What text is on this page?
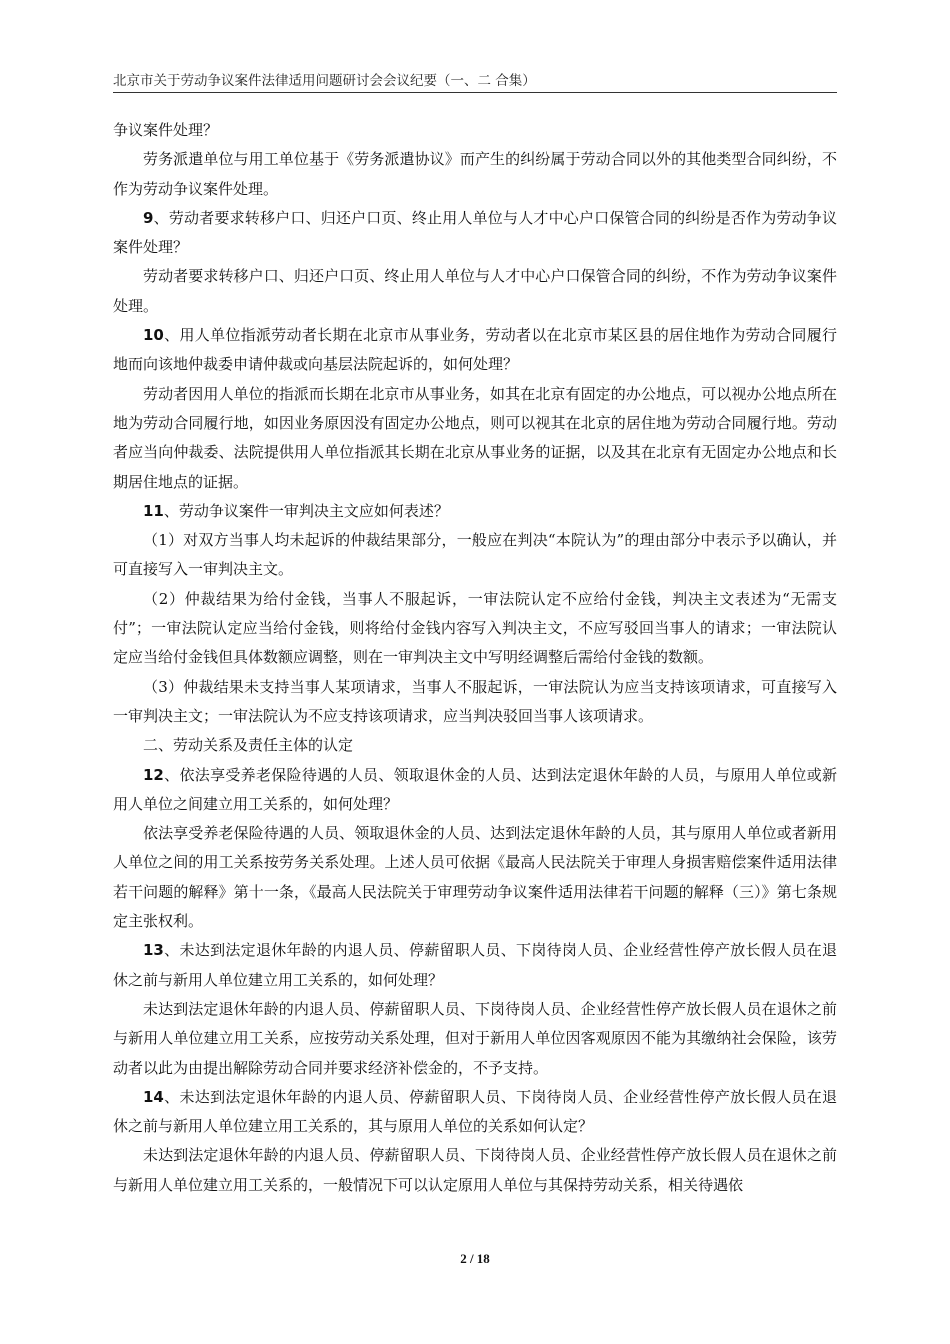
北京市关于劳动争议案件法律适用问题研讨会会议纪要（一、二 合集）

争议案件处理？

劳务派遣单位与用工单位基于《劳务派遣协议》而产生的纠纷属于劳动合同以外的其他类型合同纠纷，不作为劳动争议案件处理。

9、劳动者要求转移户口、归还户口页、终止用人单位与人才中心户口保管合同的纠纷是否作为劳动争议案件处理？

劳动者要求转移户口、归还户口页、终止用人单位与人才中心户口保管合同的纠纷，不作为劳动争议案件处理。

10、用人单位指派劳动者长期在北京市从事业务，劳动者以在北京市某区县的居住地作为劳动合同履行地而向该地仲裁委申请仲裁或向基层法院起诉的，如何处理？

劳动者因用人单位的指派而长期在北京市从事业务，如其在北京有固定的办公地点，可以视办公地点所在地为劳动合同履行地，如因业务原因没有固定办公地点，则可以视其在北京的居住地为劳动合同履行地。劳动者应当向仲裁委、法院提供用人单位指派其长期在北京从事业务的证据，以及其在北京有无固定办公地点和长期居住地点的证据。

11、劳动争议案件一审判决主文应如何表述？

（1）对双方当事人均未起诉的仲裁结果部分，一般应在判决“本院认为”的理由部分中表示予以确认，并可直接写入一审判决主文。

（2）仲裁结果为给付金钱，当事人不服起诉，一审法院认定不应给付金钱，判决主文表述为“无需支付”；一审法院认定应当给付金钱，则将给付金钱内容写入判决主文，不应写驳回当事人的请求；一审法院认定应当给付金钱但具体数额应调整，则在一审判决主文中写明经调整后需给付金钱的数额。

（3）仲裁结果未支持当事人某项请求，当事人不服起诉，一审法院认为应当支持该项请求，可直接写入一审判决主文；一审法院认为不应支持该项请求，应当判决驳回当事人该项请求。

二、劳动关系及责任主体的认定

12、依法享受养老保险待遇的人员、领取退休金的人员、达到法定退休年龄的人员，与原用人单位或新用人单位之间建立用工关系的，如何处理？

依法享受养老保险待遇的人员、领取退休金的人员、达到法定退休年龄的人员，其与原用人单位或者新用人单位之间的用工关系按劳务关系处理。上述人员可依据《最高人民法院关于审理人身损害赔偿案件适用法律若干问题的解释》第十一条，《最高人民法院关于审理劳动争议案件适用法律若干问题的解释（三）》第七条规定主张权利。

13、未达到法定退休年龄的内退人员、停薪留职人员、下岗待岗人员、企业经营性停产放长假人员在退休之前与新用人单位建立用工关系的，如何处理？

未达到法定退休年龄的内退人员、停薪留职人员、下岗待岗人员、企业经营性停产放长假人员在退休之前与新用人单位建立用工关系，应按劳动关系处理，但对于新用人单位因客观原因不能为其缴纳社会保险，该劳动者以此为由提出解除劳动合同并要求经济补偿金的，不予支持。

14、未达到法定退休年龄的内退人员、停薪留职人员、下岗待岗人员、企业经营性停产放长假人员在退休之前与新用人单位建立用工关系的，其与原用人单位的关系如何认定？

未达到法定退休年龄的内退人员、停薪留职人员、下岗待岗人员、企业经营性停产放长假人员在退休之前与新用人单位建立用工关系的，一般情况下可以认定原用人单位与其保持劳动关系，相关待遇依

2 / 18
